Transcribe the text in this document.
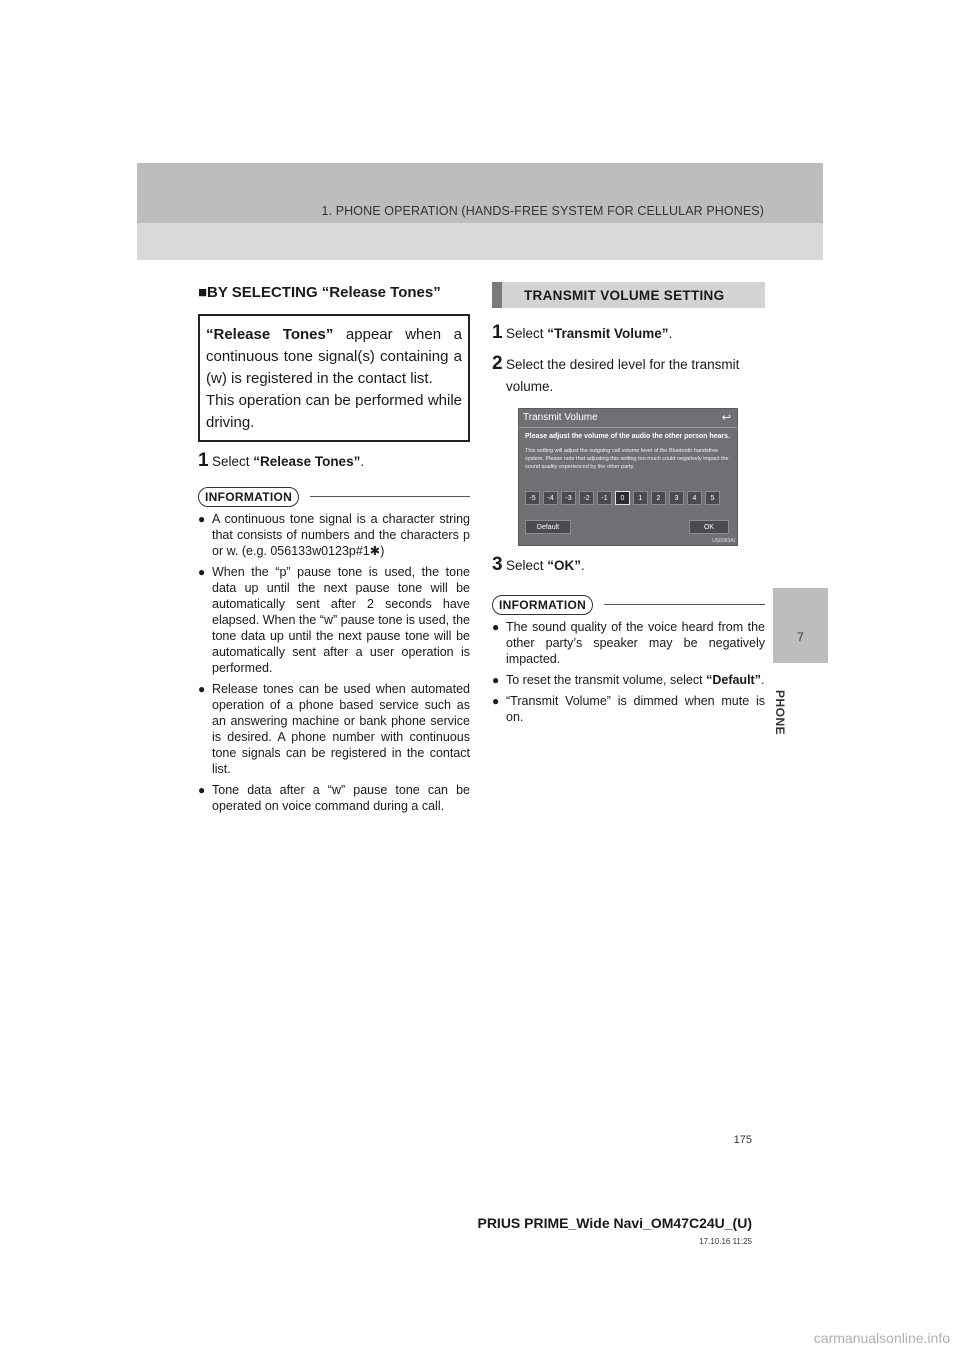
1. PHONE OPERATION (HANDS-FREE SYSTEM FOR CELLULAR PHONES)
7
PHONE
■BY SELECTING “Release Tones”

“Release Tones” appear when a continuous tone signal(s) containing a (w) is registered in the contact list.

This operation can be performed while driving.

1 Select “Release Tones”.
INFORMATION
● A continuous tone signal is a character string that consists of numbers and the characters p or w. (e.g. 056133w0123p#1✱)
● When the “p” pause tone is used, the tone data up until the next pause tone will be automatically sent after 2 seconds have elapsed. When the “w” pause tone is used, the tone data up until the next pause tone will be automatically sent after a user operation is performed.
● Release tones can be used when automated operation of a phone based service such as an answering machine or bank phone service is desired. A phone number with continuous tone signals can be registered in the contact list.
● Tone data after a “w” pause tone can be operated on voice command during a call.
TRANSMIT VOLUME SETTING
1 Select “Transmit Volume”.
2 Select the desired level for the transmit volume.
Transmit Volume	↩
Please adjust the volume of the audio the other person hears.
This setting will adjust the outgoing call volume level of the Bluetooth handsfree system. Please note that adjusting this setting too much could negatively impact the sound quality experienced by the other party.
-5	-4	-3	-2	-1	0	1	2	3	4	5
Default	OK
US6083AI
3 Select “OK”.
INFORMATION
● The sound quality of the voice heard from the other party’s speaker may be negatively impacted.
● To reset the transmit volume, select “Default”.
● “Transmit Volume” is dimmed when mute is on.
175
PRIUS PRIME_Wide Navi_OM47C24U_(U)
17.10.16 11:25
carmanualsonline.info
